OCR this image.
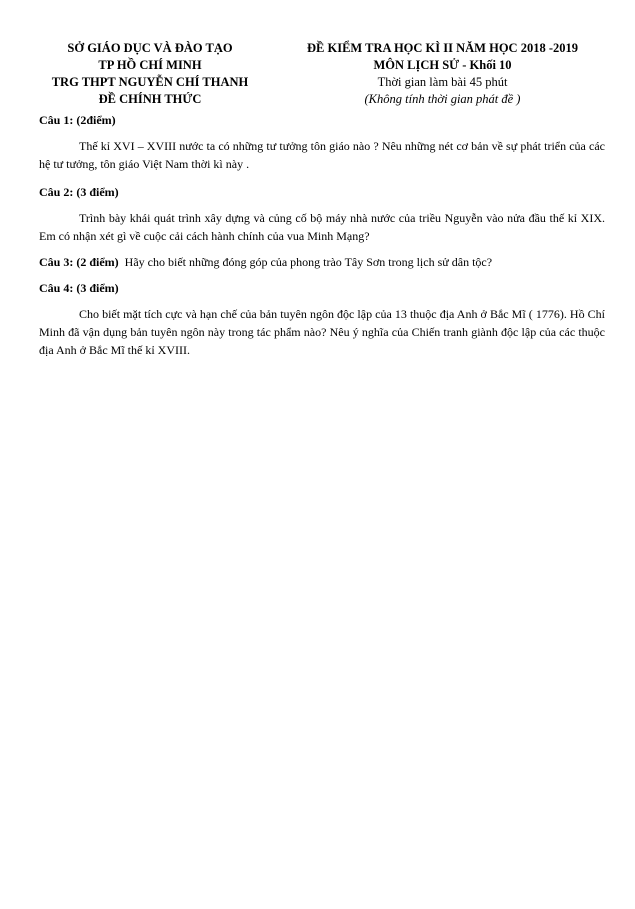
SỞ GIÁO DỤC VÀ ĐÀO TẠO
TP HỒ CHÍ MINH
TRG THPT NGUYỄN CHÍ THANH
ĐỀ CHÍNH THỨC
ĐỀ KIỂM TRA HỌC KÌ II NĂM HỌC 2018 -2019
MÔN LỊCH SỬ - Khối 10
Thời gian làm bài 45 phút
(Không tính thời gian phát đề )

Câu 1: (2điểm)

Thế kỉ XVI – XVIII nước ta có những tư tưởng tôn giáo nào ? Nêu những nét cơ bản về sự phát triển của các hệ tư tưởng, tôn giáo Việt Nam thời kì này .

Câu 2: (3 điểm)

Trình bày khái quát trình xây dựng và củng cố bộ máy nhà nước của triều Nguyễn vào nửa đầu thế kỉ XIX. Em có nhận xét gì về cuộc cải cách hành chính của vua Minh Mạng?

Câu 3: (2 điểm) Hãy cho biết những đóng góp của phong trào Tây Sơn trong lịch sử dân tộc?

Câu 4: (3 điểm)

Cho biết mặt tích cực và hạn chế của bản tuyên ngôn độc lập của 13 thuộc địa Anh ở Bắc Mĩ ( 1776). Hồ Chí Minh đã vận dụng bản tuyên ngôn này trong tác phẩm nào? Nêu ý nghĩa của Chiến tranh giành độc lập của các thuộc địa Anh ở Bắc Mĩ thế kỉ XVIII.
